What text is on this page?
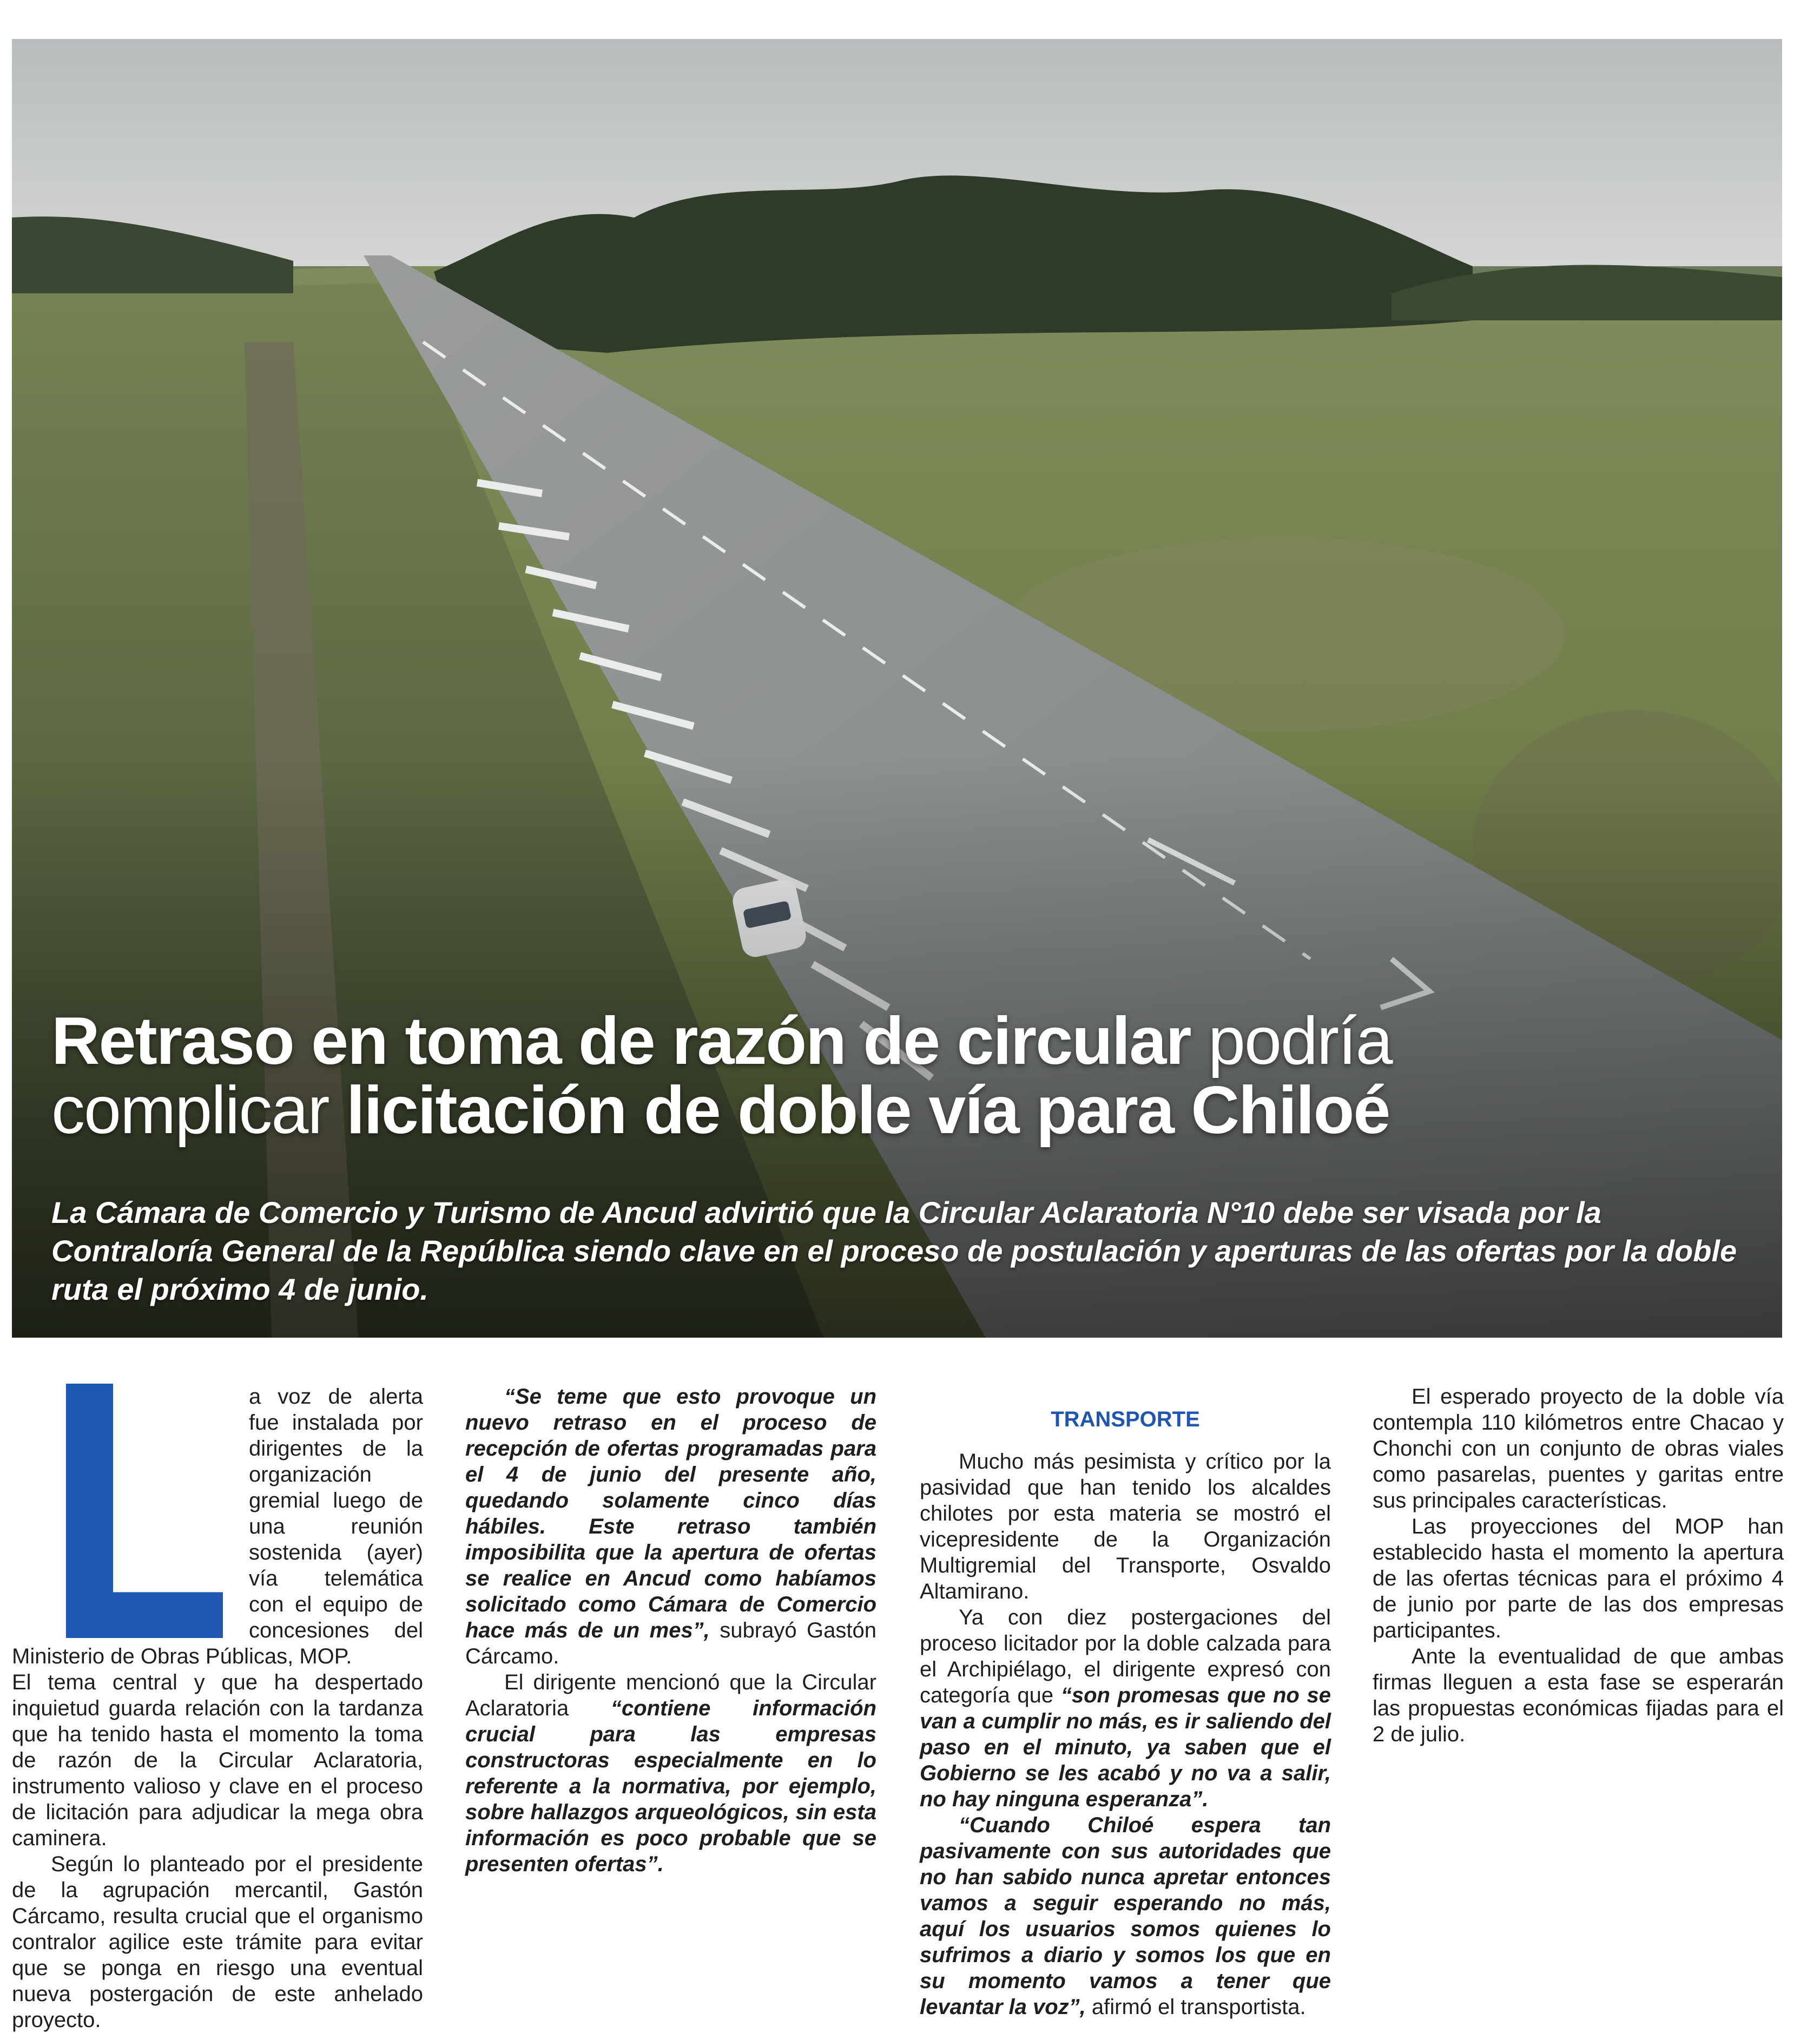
Retraso en toma de razón de circular podría
complicar licitación de doble vía para Chiloé

La Cámara de Comercio y Turismo de Ancud advirtió que la Circular Aclaratoria N°10 debe ser visada por la Contraloría General de la República siendo clave en el proceso de postulación y aperturas de las ofertas por la doble ruta el próximo 4 de junio.

a voz de alerta fue instalada por dirigentes de la organización gremial luego de una reunión sostenida (ayer) vía telemática con el equipo de concesiones del Ministerio de Obras Públicas, MOP.

El tema central y que ha despertado inquietud guarda relación con la tardanza que ha tenido hasta el momento la toma de razón de la Circular Aclaratoria, instrumento valioso y clave en el proceso de licitación para adjudicar la mega obra caminera.

Según lo planteado por el presidente de la agrupación mercantil, Gastón Cárcamo, resulta crucial que el organismo contralor agilice este trámite para evitar que se ponga en riesgo una eventual nueva postergación de este anhelado proyecto.

“Se teme que esto provoque un nuevo retraso en el proceso de recepción de ofertas programadas para el 4 de junio del presente año, quedando solamente cinco días hábiles. Este retraso también imposibilita que la apertura de ofertas se realice en Ancud como habíamos solicitado como Cámara de Comercio hace más de un mes”, subrayó Gastón Cárcamo.

El dirigente mencionó que la Circular Aclaratoria “contiene información crucial para las empresas constructoras especialmente en lo referente a la normativa, por ejemplo, sobre hallazgos arqueológicos, sin esta información es poco probable que se presenten ofertas”.

TRANSPORTE

Mucho más pesimista y crítico por la pasividad que han tenido los alcaldes chilotes por esta materia se mostró el vicepresidente de la Organización Multigremial del Transporte, Osvaldo Altamirano.

Ya con diez postergaciones del proceso licitador por la doble calzada para el Archipiélago, el dirigente expresó con categoría que “son promesas que no se van a cumplir no más, es ir saliendo del paso en el minuto, ya saben que el Gobierno se les acabó y no va a salir, no hay ninguna esperanza”.

“Cuando Chiloé espera tan pasivamente con sus autoridades que no han sabido nunca apretar entonces vamos a seguir esperando no más, aquí los usuarios somos quienes lo sufrimos a diario y somos los que en su momento vamos a tener que levantar la voz”, afirmó el transportista.

El esperado proyecto de la doble vía contempla 110 kilómetros entre Chacao y Chonchi con un conjunto de obras viales como pasarelas, puentes y garitas entre sus principales características.

Las proyecciones del MOP han establecido hasta el momento la apertura de las ofertas técnicas para el próximo 4 de junio por parte de las dos empresas participantes.

Ante la eventualidad de que ambas firmas lleguen a esta fase se esperarán las propuestas económicas fijadas para el 2 de julio.
